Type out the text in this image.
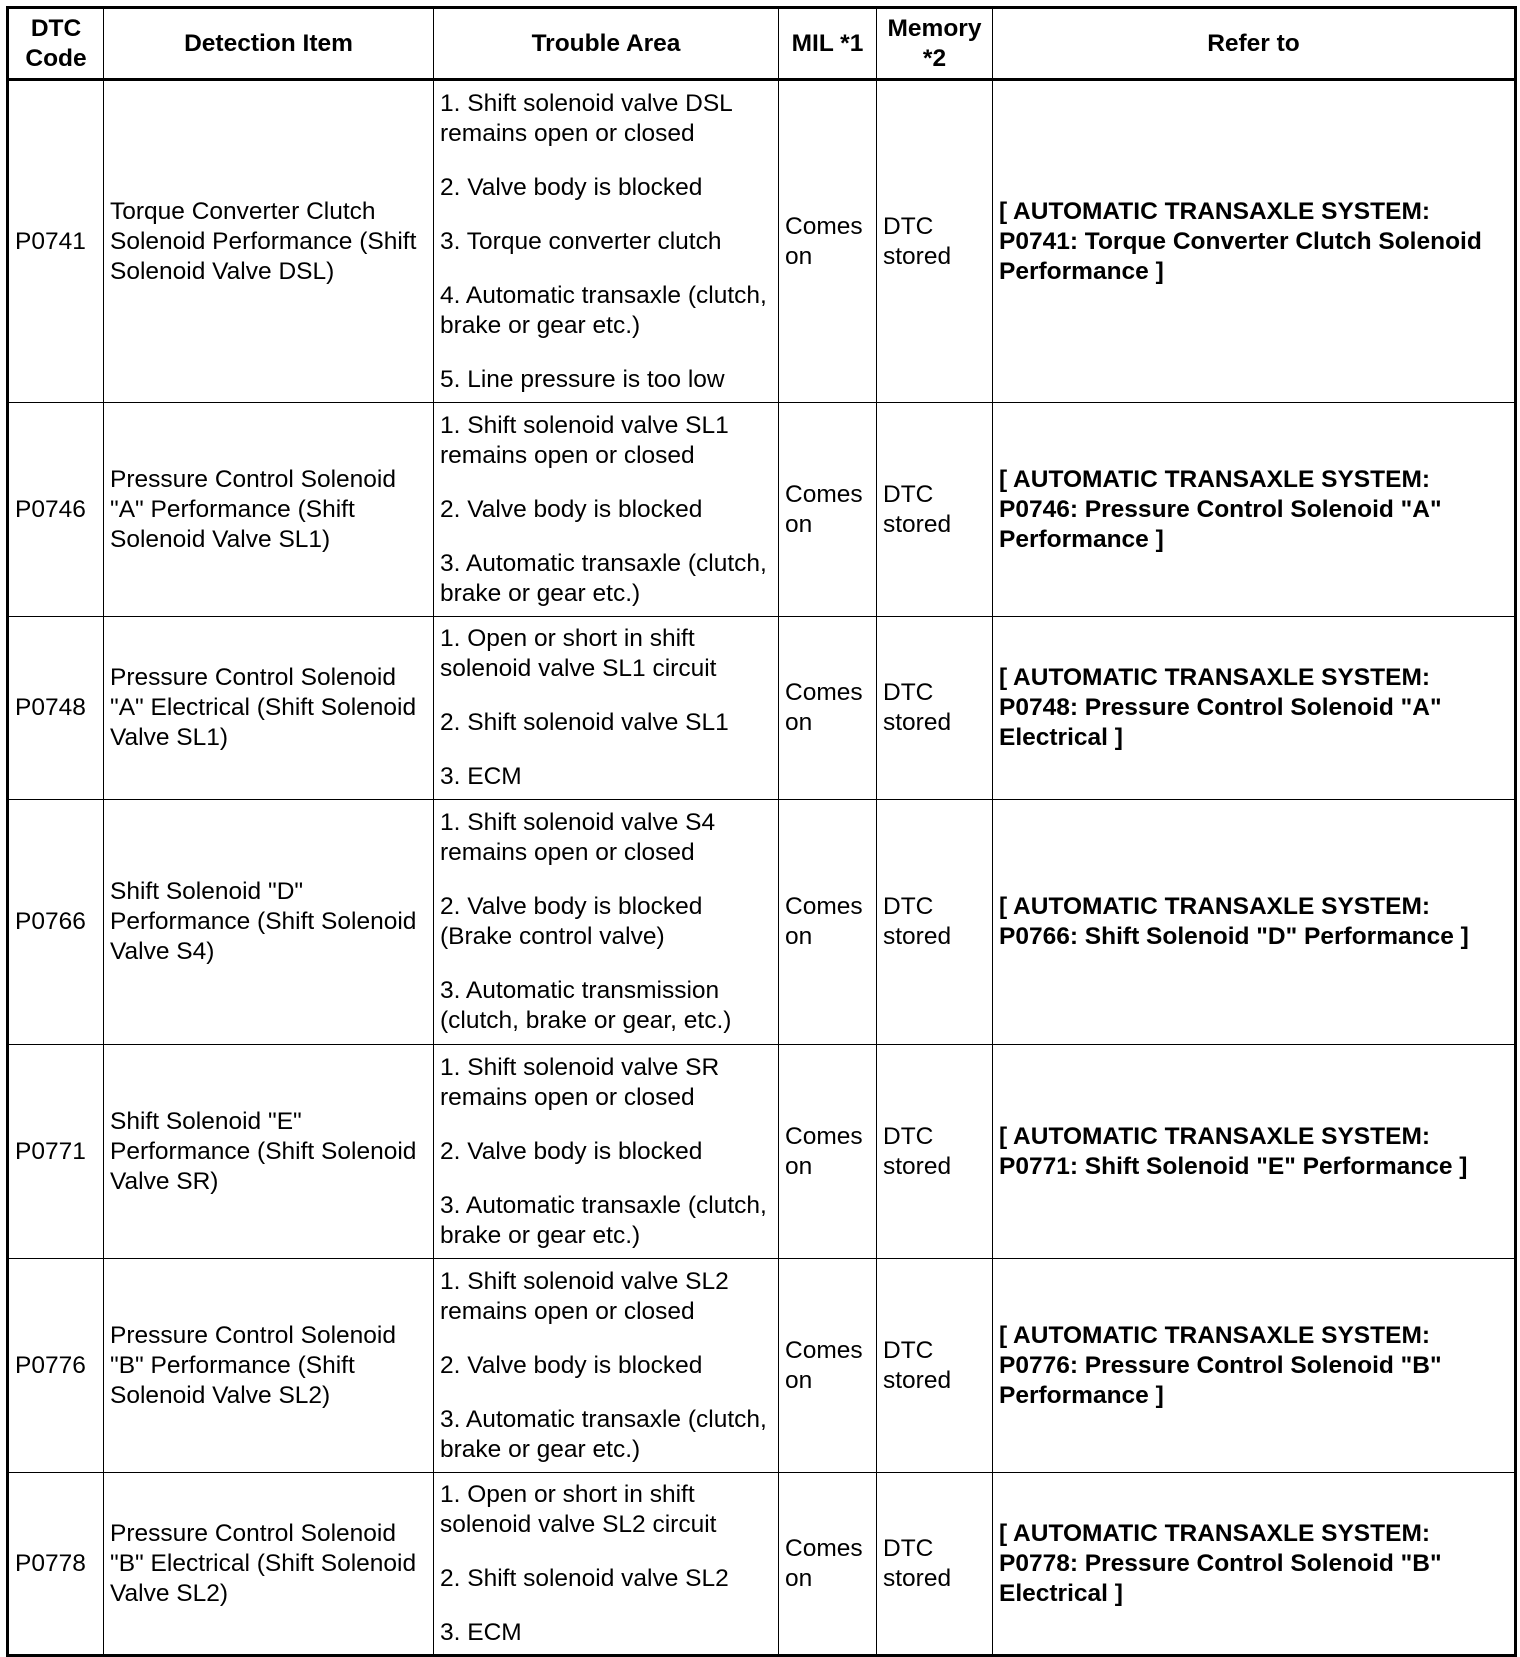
DTC Code	Detection Item	Trouble Area	MIL *1	Memory *2	Refer to
P0741	Torque Converter Clutch Solenoid Performance (Shift Solenoid Valve DSL)	1. Shift solenoid valve DSL remains open or closed
2. Valve body is blocked
3. Torque converter clutch
4. Automatic transaxle (clutch, brake or gear etc.)
5. Line pressure is too low	Comes on	DTC stored	[ AUTOMATIC TRANSAXLE SYSTEM: P0741: Torque Converter Clutch Solenoid Performance ]
P0746	Pressure Control Solenoid "A" Performance (Shift Solenoid Valve SL1)	1. Shift solenoid valve SL1 remains open or closed
2. Valve body is blocked
3. Automatic transaxle (clutch, brake or gear etc.)	Comes on	DTC stored	[ AUTOMATIC TRANSAXLE SYSTEM: P0746: Pressure Control Solenoid "A" Performance ]
P0748	Pressure Control Solenoid "A" Electrical (Shift Solenoid Valve SL1)	1. Open or short in shift solenoid valve SL1 circuit
2. Shift solenoid valve SL1
3. ECM	Comes on	DTC stored	[ AUTOMATIC TRANSAXLE SYSTEM: P0748: Pressure Control Solenoid "A" Electrical ]
P0766	Shift Solenoid "D" Performance (Shift Solenoid Valve S4)	1. Shift solenoid valve S4 remains open or closed
2. Valve body is blocked (Brake control valve)
3. Automatic transmission (clutch, brake or gear, etc.)	Comes on	DTC stored	[ AUTOMATIC TRANSAXLE SYSTEM: P0766: Shift Solenoid "D" Performance ]
P0771	Shift Solenoid "E" Performance (Shift Solenoid Valve SR)	1. Shift solenoid valve SR remains open or closed
2. Valve body is blocked
3. Automatic transaxle (clutch, brake or gear etc.)	Comes on	DTC stored	[ AUTOMATIC TRANSAXLE SYSTEM: P0771: Shift Solenoid "E" Performance ]
P0776	Pressure Control Solenoid "B" Performance (Shift Solenoid Valve SL2)	1. Shift solenoid valve SL2 remains open or closed
2. Valve body is blocked
3. Automatic transaxle (clutch, brake or gear etc.)	Comes on	DTC stored	[ AUTOMATIC TRANSAXLE SYSTEM: P0776: Pressure Control Solenoid "B" Performance ]
P0778	Pressure Control Solenoid "B" Electrical (Shift Solenoid Valve SL2)	1. Open or short in shift solenoid valve SL2 circuit
2. Shift solenoid valve SL2
3. ECM	Comes on	DTC stored	[ AUTOMATIC TRANSAXLE SYSTEM: P0778: Pressure Control Solenoid "B" Electrical ]
